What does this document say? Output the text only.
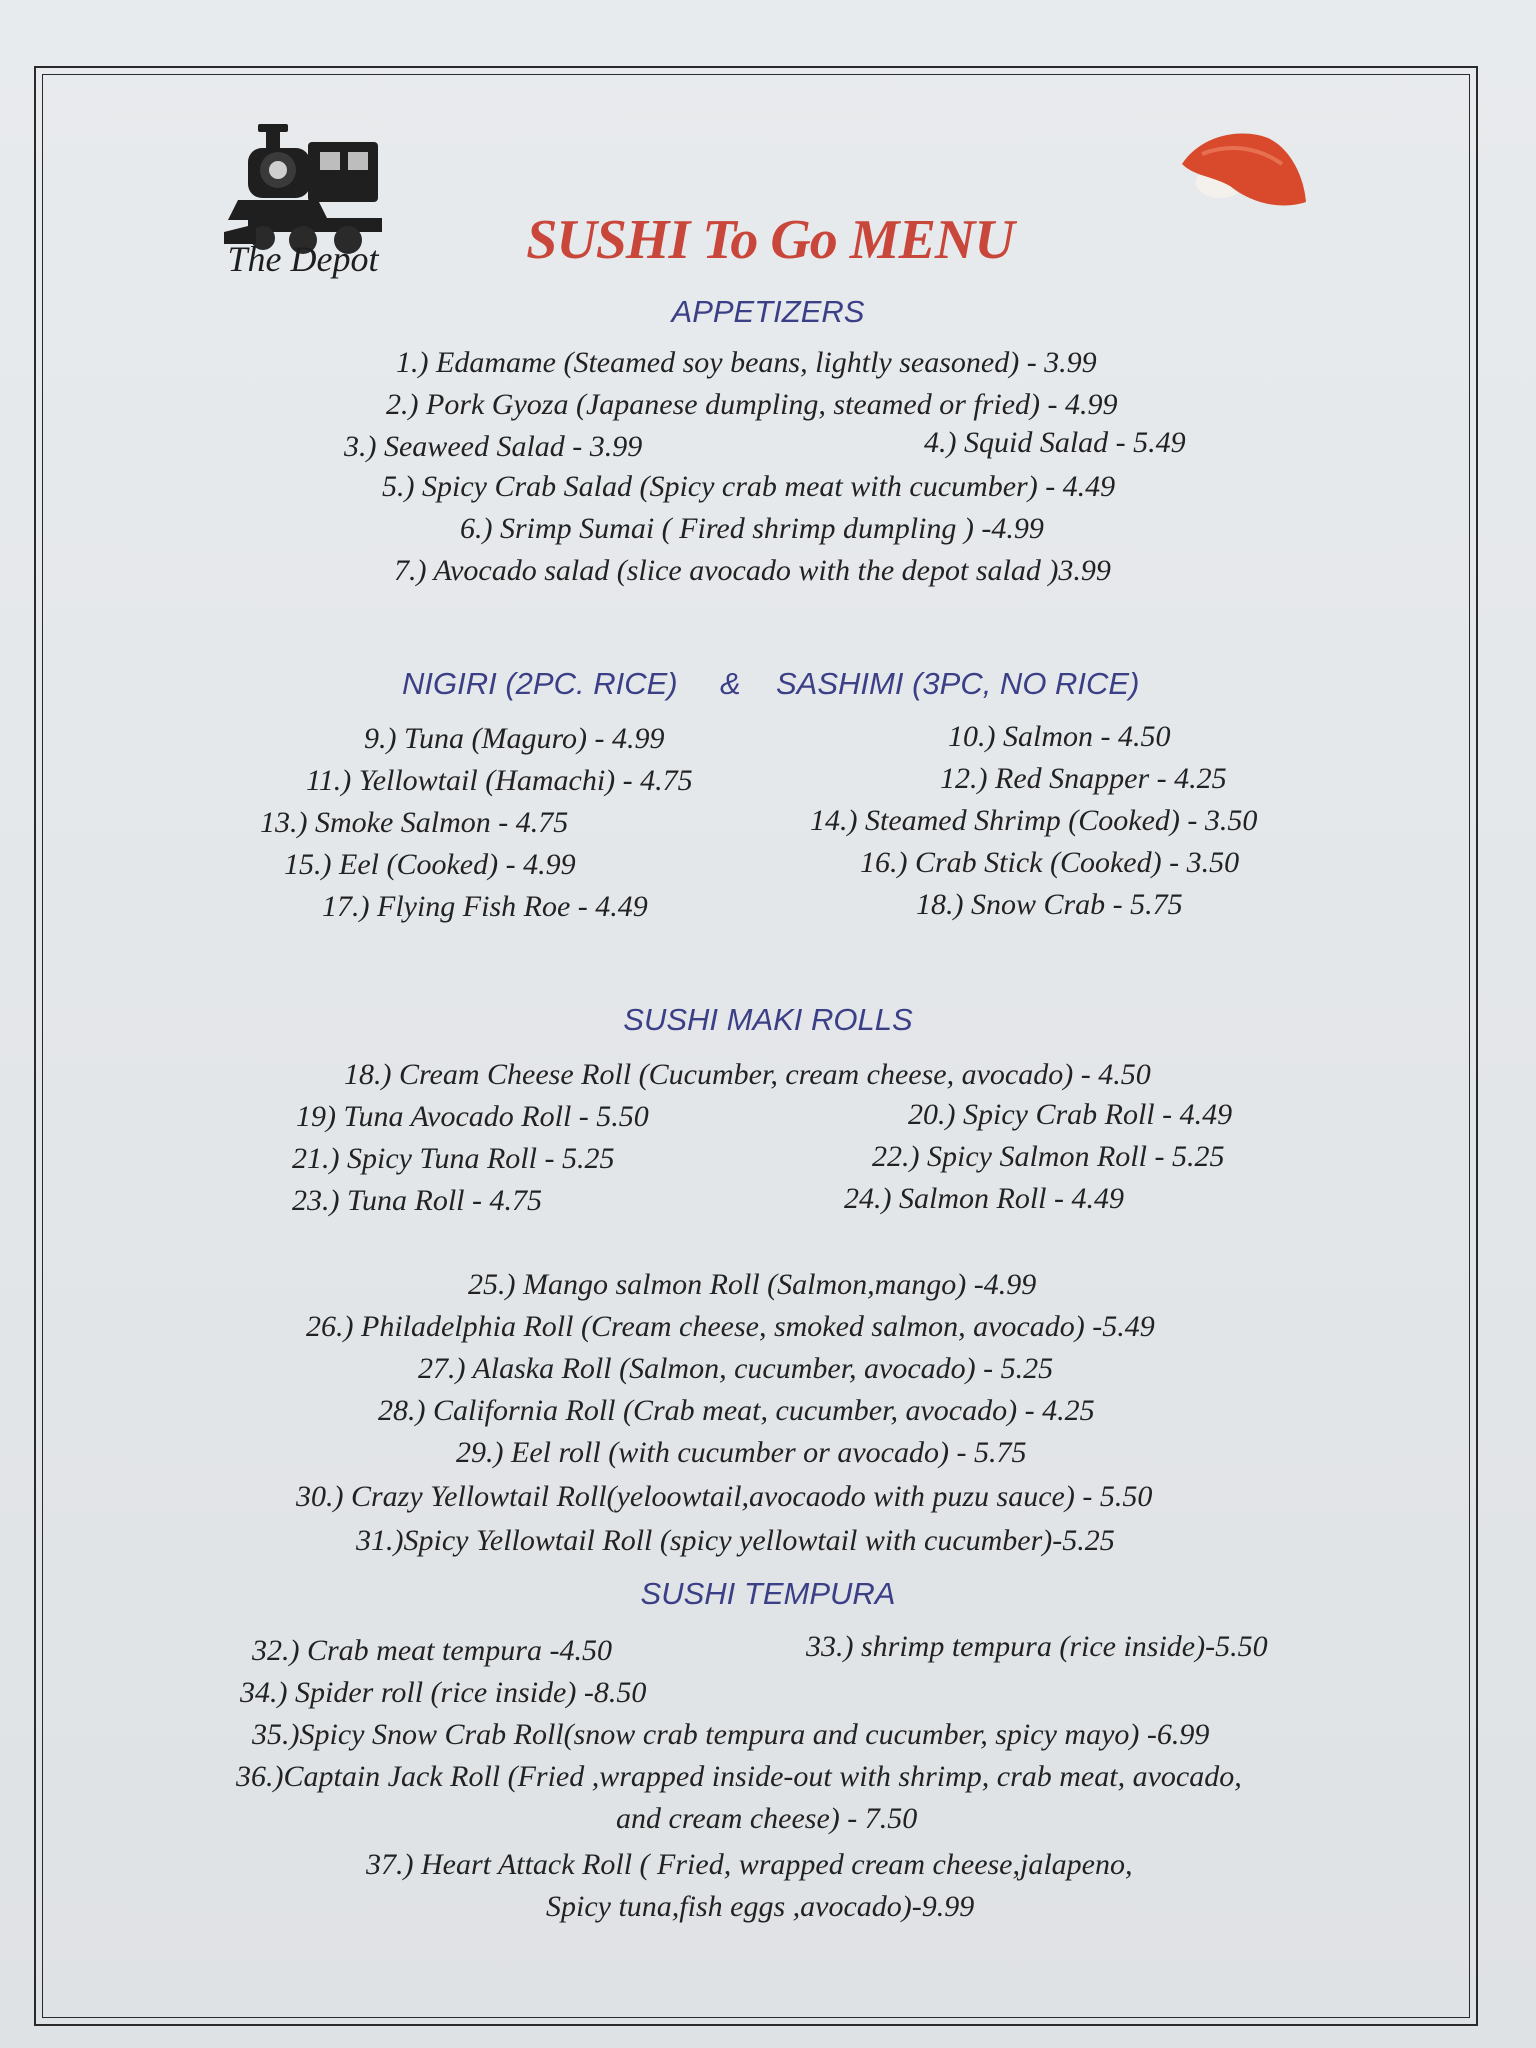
The Depot	SUSHI To Go MENU
APPETIZERS
1.) Edamame (Steamed soy beans, lightly seasoned) - 3.99
2.) Pork Gyoza (Japanese dumpling, steamed or fried) - 4.99
3.) Seaweed Salad - 3.99	4.) Squid Salad - 5.49
5.) Spicy Crab Salad (Spicy crab meat with cucumber) - 4.49
6.) Srimp Sumai ( Fired shrimp dumpling ) -4.99
7.) Avocado salad (slice avocado with the depot salad )3.99
NIGIRI (2PC. RICE) & SASHIMI (3PC, NO RICE)
9.) Tuna (Maguro) - 4.99	10.) Salmon - 4.50
11.) Yellowtail (Hamachi) - 4.75	12.) Red Snapper - 4.25
13.) Smoke Salmon - 4.75	14.) Steamed Shrimp (Cooked) - 3.50
15.) Eel (Cooked) - 4.99	16.) Crab Stick (Cooked) - 3.50
17.) Flying Fish Roe - 4.49	18.) Snow Crab - 5.75
SUSHI MAKI ROLLS
18.) Cream Cheese Roll (Cucumber, cream cheese, avocado) - 4.50
19) Tuna Avocado Roll - 5.50	20.) Spicy Crab Roll - 4.49
21.) Spicy Tuna Roll - 5.25	22.) Spicy Salmon Roll - 5.25
23.) Tuna Roll - 4.75	24.) Salmon Roll - 4.49
25.) Mango salmon Roll (Salmon,mango) -4.99
26.) Philadelphia Roll (Cream cheese, smoked salmon, avocado) -5.49
27.) Alaska Roll (Salmon, cucumber, avocado) - 5.25
28.) California Roll (Crab meat, cucumber, avocado) - 4.25
29.) Eel roll (with cucumber or avocado) - 5.75
30.) Crazy Yellowtail Roll(yeloowtail,avocaodo with puzu sauce) - 5.50
31.)Spicy Yellowtail Roll (spicy yellowtail with cucumber)-5.25
SUSHI TEMPURA
32.) Crab meat tempura -4.50	33.) shrimp tempura (rice inside)-5.50
34.) Spider roll (rice inside) -8.50
35.)Spicy Snow Crab Roll(snow crab tempura and cucumber, spicy mayo) -6.99
36.)Captain Jack Roll (Fried ,wrapped inside-out with shrimp, crab meat, avocado,
and cream cheese) - 7.50
37.) Heart Attack Roll ( Fried, wrapped cream cheese,jalapeno,
Spicy tuna,fish eggs ,avocado)-9.99
